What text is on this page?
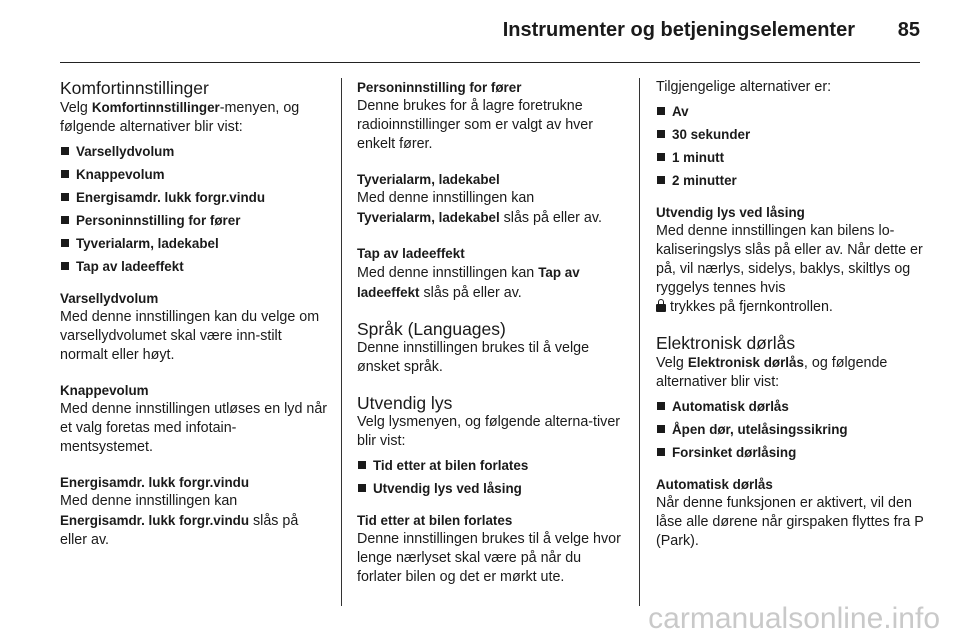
Instrumenter og betjeningselementer 85
Komfortinnstillinger

Velg Komfortinnstillinger-menyen, og følgende alternativer blir vist:

Varsellydvolum
Knappevolum
Energisamdr. lukk forgr.vindu
Personinnstilling for fører
Tyverialarm, ladekabel
Tap av ladeeffekt
Varsellydvolum

Med denne innstillingen kan du velge om varsellydvolumet skal være inn-stilt normalt eller høyt.

Knappevolum

Med denne innstillingen utløses en lyd når et valg foretas med infotain-mentsystemet.

Energisamdr. lukk forgr.vindu

Med denne innstillingen kan
Energisamdr. lukk forgr.vindu slås på eller av.

Personinnstilling for fører

Denne brukes for å lagre foretrukne radioinnstillinger som er valgt av hver enkelt fører.

Tyverialarm, ladekabel

Med denne innstillingen kan
Tyverialarm, ladekabel slås på eller av.

Tap av ladeeffekt

Med denne innstillingen kan Tap av ladeeffekt slås på eller av.

Språk (Languages)

Denne innstillingen brukes til å velge ønsket språk.

Utvendig lys

Velg lysmenyen, og følgende alterna-tiver blir vist:

Tid etter at bilen forlates
Utvendig lys ved låsing
Tid etter at bilen forlates

Denne innstillingen brukes til å velge hvor lenge nærlyset skal være på når du forlater bilen og det er mørkt ute.

Tilgjengelige alternativer er:

Av
30 sekunder
1 minutt
2 minutter
Utvendig lys ved låsing

Med denne innstillingen kan bilens lo-kaliseringslys slås på eller av. Når dette er på, vil nærlys, sidelys, baklys, skiltlys og ryggelys tennes hvis

trykkes på fjernkontrollen.

Elektronisk dørlås

Velg Elektronisk dørlås, og følgende alternativer blir vist:

Automatisk dørlås
Åpen dør, utelåsingssikring
Forsinket dørlåsing
Automatisk dørlås

Når denne funksjonen er aktivert, vil den låse alle dørene når girspaken flyttes fra P (Park).

carmanualsonline.info
